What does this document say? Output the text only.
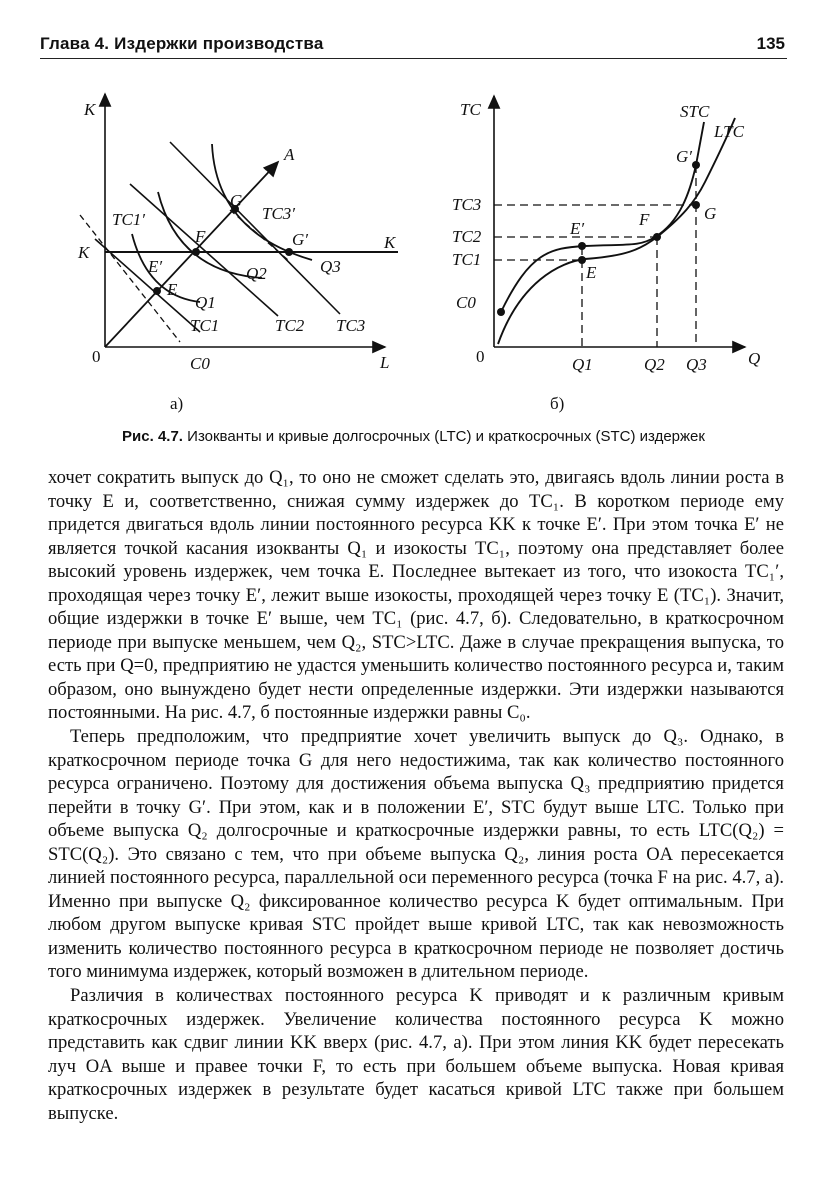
Глава 4. Издержки производства	135
K
L
0
K
K
C0
A
G
F
E
E′
G′
TC1′	TC3′
TC1	TC2 TC3
Q1
Q2	Q3
а)
TC
Q
0
STC
LTC
TC3
TC2
TC1
C0
Q1	Q2 Q3
G′
G
E′	F
E
б)
Рис. 4.7. Изокванты и кривые долгосрочных (LTC) и краткосрочных (STC) издержек

хочет сократить выпуск до Q₁, то оно не сможет сделать это, двигаясь вдоль линии роста в точку E и, соответственно, снижая сумму издержек до TC₁. В коротком периоде ему придется двигаться вдоль линии постоянного ресурса KK к точке E′. При этом точка E′ не является точкой касания изокванты Q₁ и изокосты TC₁, поэтому она представляет более высокий уровень издержек, чем точка E. Последнее вытекает из того, что изокоста TC₁′, проходящая через точку E′, лежит выше изокосты, проходящей через точку E (TC₁). Значит, общие издержки в точке E′ выше, чем TC₁ (рис. 4.7, б). Следовательно, в краткосрочном периоде при выпуске меньшем, чем Q₂, STC>LTC. Даже в случае прекращения выпуска, то есть при Q=0, предприятию не удастся уменьшить количество постоянного ресурса и, таким образом, оно вынуждено будет нести определенные издержки. Эти издержки называются постоянными. На рис. 4.7, б постоянные издержки равны C₀.

Теперь предположим, что предприятие хочет увеличить выпуск до Q₃. Однако, в краткосрочном периоде точка G для него недостижима, так как количество постоянного ресурса ограничено. Поэтому для достижения объема выпуска Q₃ предприятию придется перейти в точку G′. При этом, как и в положении E′, STC будут выше LTC. Только при объеме выпуска Q₂ долгосрочные и краткосрочные издержки равны, то есть LTC(Q₂) = STC(Q₂). Это связано с тем, что при объеме выпуска Q₂, линия роста OA пересекается линией постоянного ресурса, параллельной оси переменного ресурса (точка F на рис. 4.7, а). Именно при выпуске Q₂ фиксированное количество ресурса K будет оптимальным. При любом другом выпуске кривая STC пройдет выше кривой LTC, так как невозможность изменить количество постоянного ресурса в краткосрочном периоде не позволяет достичь того минимума издержек, который возможен в длительном периоде.

Различия в количествах постоянного ресурса K приводят и к различным кривым краткосрочных издержек. Увеличение количества постоянного ресурса K можно представить как сдвиг линии KK вверх (рис. 4.7, а). При этом линия KK будет пересекать луч OA выше и правее точки F, то есть при большем объеме выпуска. Новая кривая краткосрочных издержек в результате будет касаться кривой LTC также при большем выпуске.
